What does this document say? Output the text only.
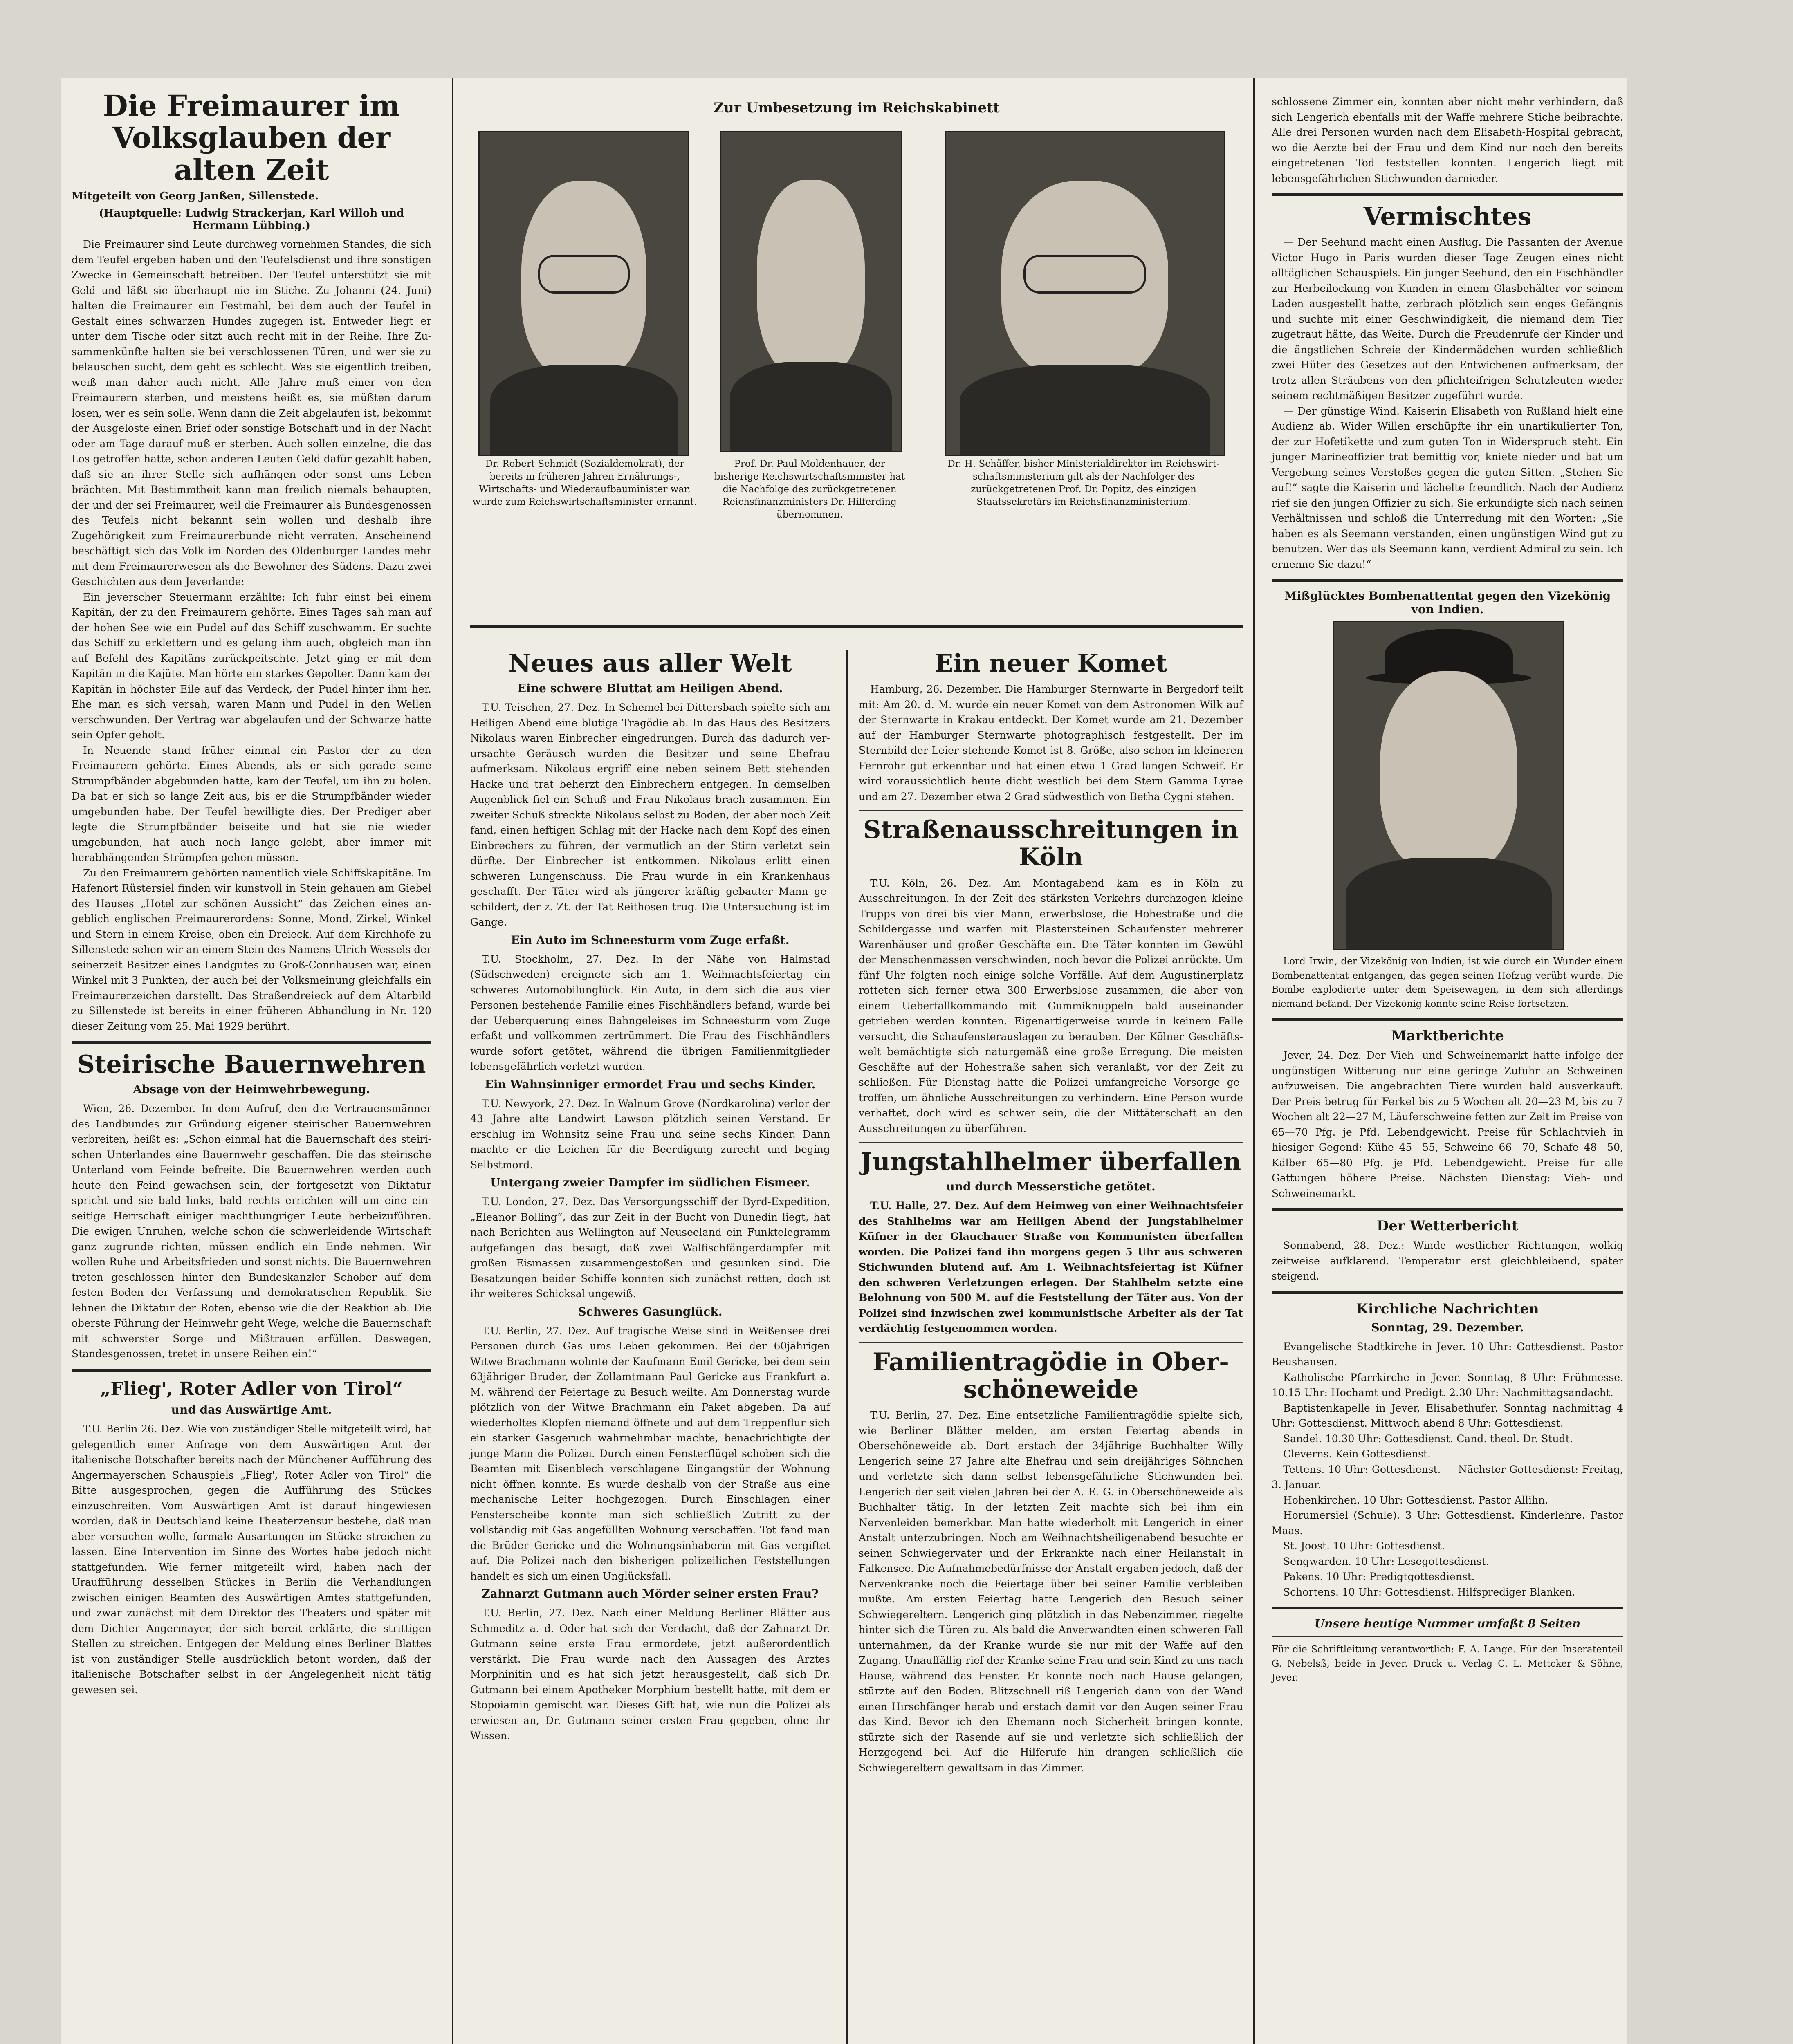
Die Freimaurer im Volksglauben der alten Zeit
Mitgeteilt von Georg Janßen, Sillenstede.
(Hauptquelle: Ludwig Strackerjan, Karl Willoh und Hermann Lübbing.)

Die Freimaurer sind Leute durchweg vornehmen Standes, die sich dem Teufel ergeben haben und den Teufelsdienst und ihre sonstigen Zwecke in Gemeinschaft betreiben. Der Teufel unterstützt sie mit Geld und läßt sie überhaupt nie im Stiche. Zu Johanni (24. Juni) halten die Freimaurer ein Festmahl, bei dem auch der Teufel in Gestalt eines schwarzen Hundes zugegen ist. Entweder liegt er unter dem Tische oder sitzt auch recht mit in der Reihe. Ihre Zusammenkünfte halten sie bei verschlossenen Türen, und wer sie zu belauschen sucht, dem geht es schlecht. Was sie eigentlich treiben, weiß man daher auch nicht. Alle Jahre muß einer von den Freimaurern sterben, und meistens heißt es, sie müßten darum losen, wer es sein solle. Wenn dann die Zeit abgelaufen ist, bekommt der Ausgeloste einen Brief oder sonstige Botschaft und in der Nacht oder am Tage darauf muß er sterben. Auch sollen einzelne, die das Los getroffen hatte, schon anderen Leuten Geld dafür gezahlt haben, daß sie an ihrer Stelle sich aufhängen oder sonst ums Leben brächten. Mit Bestimmtheit kann man freilich niemals behaupten, der und der sei Freimaurer, weil die Freimaurer als Bundesgenossen des Teufels nicht bekannt sein wollen und deshalb ihre Zugehörigkeit zum Freimaurerbunde nicht verraten. Anscheinend beschäftigt sich das Volk im Norden des Oldenburger Landes mehr mit dem Freimaurerwesen als die Bewohner des Südens. Dazu zwei Geschichten aus dem Jeverlande:

Ein jeverscher Steuermann erzählte: Ich fuhr einst bei einem Kapitän, der zu den Freimaurern gehörte. Eines Tages sah man auf der hohen See wie ein Pudel auf das Schiff zuschwamm. Er suchte das Schiff zu erklettern und es gelang ihm auch, obgleich man ihn auf Befehl des Kapitäns zurückpeitschte. Jetzt ging er mit dem Kapitän in die Kajüte. Man hörte ein starkes Gepolter. Dann kam der Kapitän in höchster Eile auf das Verdeck, der Pudel hinter ihm her. Ehe man es sich versah, waren Mann und Pudel in den Wellen verschwunden. Der Vertrag war abgelaufen und der Schwarze hatte sein Opfer geholt.

In Neuende stand früher einmal ein Pastor der zu den Freimaurern gehörte. Eines Abends, als er sich gerade seine Strumpfbänder abgebunden hatte, kam der Teufel, um ihn zu holen. Da bat er sich so lange Zeit aus, bis er die Strumpfbänder wieder umgebunden habe. Der Teufel bewilligte dies. Der Prediger aber legte die Strumpfbänder beiseite und hat sie nie wieder umgebunden, hat auch noch lange gelebt, aber immer mit herabhängenden Strümpfen gehen müssen.

Zu den Freimaurern gehörten namentlich viele Schiffskapitäne. Im Hafenort Rüstersiel finden wir kunstvoll in Stein gehauen am Giebel des Hauses „Hotel zur schönen Aussicht“ das Zeichen eines angeblich englischen Freimaurerordens: Sonne, Mond, Zirkel, Winkel und Stern in einem Kreise, oben ein Dreieck. Auf dem Kirchhofe zu Sillenstede sehen wir an einem Stein des Namens Ulrich Wessels der seinerzeit Besitzer eines Landgutes zu Groß-Connhausen war, einen Winkel mit 3 Punkten, der auch bei der Volksmeinung gleichfalls ein Freimaurerzeichen darstellt. Das Straßendreieck auf dem Altarbild zu Sillenstede ist bereits in einer früheren Abhandlung in Nr. 120 dieser Zeitung vom 25. Mai 1929 berührt.

Steirische Bauernwehren
Absage von der Heimwehrbewegung.

Wien, 26. Dezember. In dem Aufruf, den die Vertrauensmänner des Landbundes zur Gründung eigener steirischer Bauernwehren verbreiten, heißt es: „Schon einmal hat die Bauernschaft des steirischen Unterlandes eine Bauernwehr geschaffen. Die das steirische Unterland vom Feinde befreite. Die Bauernwehren werden auch heute den Feind gewachsen sein, der fortgesetzt von Diktatur spricht und sie bald links, bald rechts errichten will um eine einseitige Herrschaft einiger machthungriger Leute herbeizuführen. Die ewigen Unruhen, welche schon die schwerleidende Wirtschaft ganz zugrunde richten, müssen endlich ein Ende nehmen. Wir wollen Ruhe und Arbeitsfrieden und sonst nichts. Die Bauernwehren treten geschlossen hinter den Bundeskanzler Schober auf dem festen Boden der Verfassung und demokratischen Republik. Sie lehnen die Diktatur der Roten, ebenso wie die der Reaktion ab. Die oberste Führung der Heimwehr geht Wege, welche die Bauernschaft mit schwerster Sorge und Mißtrauen erfüllen. Deswegen, Standesgenossen, tretet in unsere Reihen ein!“

„Flieg', Roter Adler von Tirol“
und das Auswärtige Amt.

T.U. Berlin 26. Dez. Wie von zuständiger Stelle mitgeteilt wird, hat gelegentlich einer Anfrage von dem Auswärtigen Amt der italienische Botschafter bereits nach der Münchener Aufführung des Angermayerschen Schauspiels „Flieg', Roter Adler von Tirol“ die Bitte ausgesprochen, gegen die Aufführung des Stückes einzuschreiten. Vom Auswärtigen Amt ist darauf hingewiesen worden, daß in Deutschland keine Theaterzensur bestehe, daß man aber versuchen wolle, formale Ausartungen im Stücke streichen zu lassen. Eine Intervention im Sinne des Wortes habe jedoch nicht stattgefunden. Wie ferner mitgeteilt wird, haben nach der Uraufführung desselben Stückes in Berlin die Verhandlungen zwischen einigen Beamten des Auswärtigen Amtes stattgefunden, und zwar zunächst mit dem Direktor des Theaters und später mit dem Dichter Angermayer, der sich bereit erklärte, die strittigen Stellen zu streichen. Entgegen der Meldung eines Berliner Blattes ist von zuständiger Stelle ausdrücklich betont worden, daß der italienische Botschafter selbst in der Angelegenheit nicht tätig gewesen sei.

Zur Umbesetzung im Reichskabinett
Dr. Robert Schmidt (Sozialdemokrat), der bereits in früheren Jahren Ernährungs-, Wirtschafts- und Wiederaufbauminister war, wurde zum Reichswirtschaftsminister ernannt.
Prof. Dr. Paul Moldenhauer, der bisherige Reichswirtschaftsminister hat die Nachfolge des zurückgetretenen Reichsfinanzministers Dr. Hilferding übernommen.
Dr. H. Schäffer, bisher Ministerialdirektor im Reichswirtschaftsministerium gilt als der Nachfolger des zurückgetretenen Prof. Dr. Popitz, des einzigen Staatssekretärs im Reichsfinanzministerium.
Neues aus aller Welt
Eine schwere Bluttat am Heiligen Abend.

T.U. Teischen, 27. Dez. In Schemel bei Dittersbach spielte sich am Heiligen Abend eine blutige Tragödie ab. In das Haus des Besitzers Nikolaus waren Einbrecher eingedrungen. Durch das dadurch verursachte Geräusch wurden die Besitzer und seine Ehefrau aufmerksam. Nikolaus ergriff eine neben seinem Bett stehenden Hacke und trat beherzt den Einbrechern entgegen. In demselben Augenblick fiel ein Schuß und Frau Nikolaus brach zusammen. Ein zweiter Schuß streckte Nikolaus selbst zu Boden, der aber noch Zeit fand, einen heftigen Schlag mit der Hacke nach dem Kopf des einen Einbrechers zu führen, der vermutlich an der Stirn verletzt sein dürfte. Der Einbrecher ist entkommen. Nikolaus erlitt einen schweren Lungenschuss. Die Frau wurde in ein Krankenhaus geschafft. Der Täter wird als jüngerer kräftig gebauter Mann geschildert, der z. Zt. der Tat Reithosen trug. Die Untersuchung ist im Gange.

Ein Auto im Schneesturm vom Zuge erfaßt.

T.U. Stockholm, 27. Dez. In der Nähe von Halmstad (Südschweden) ereignete sich am 1. Weihnachtsfeiertag ein schweres Automobilunglück. Ein Auto, in dem sich die aus vier Personen bestehende Familie eines Fischhändlers befand, wurde bei der Ueberquerung eines Bahngeleises im Schneesturm vom Zuge erfaßt und vollkommen zertrümmert. Die Frau des Fischhändlers wurde sofort getötet, während die übrigen Familienmitglieder lebensgefährlich verletzt wurden.

Ein Wahnsinniger ermordet Frau und sechs Kinder.

T.U. Newyork, 27. Dez. In Walnum Grove (Nordkarolina) verlor der 43 Jahre alte Landwirt Lawson plötzlich seinen Verstand. Er erschlug im Wohnsitz seine Frau und seine sechs Kinder. Dann machte er die Leichen für die Beerdigung zurecht und beging Selbstmord.

Untergang zweier Dampfer im südlichen Eismeer.

T.U. London, 27. Dez. Das Versorgungsschiff der Byrd-Expedition, „Eleanor Bolling“, das zur Zeit in der Bucht von Dunedin liegt, hat nach Berichten aus Wellington auf Neuseeland ein Funktelegramm aufgefangen das besagt, daß zwei Walfischfängerdampfer mit großen Eismassen zusammengestoßen und gesunken sind. Die Besatzungen beider Schiffe konnten sich zunächst retten, doch ist ihr weiteres Schicksal ungewiß.

Schweres Gasunglück.

T.U. Berlin, 27. Dez. Auf tragische Weise sind in Weißensee drei Personen durch Gas ums Leben gekommen. Bei der 60jährigen Witwe Brachmann wohnte der Kaufmann Emil Gericke, bei dem sein 63jähriger Bruder, der Zollamtmann Paul Gericke aus Frankfurt a. M. während der Feiertage zu Besuch weilte. Am Donnerstag wurde plötzlich von der Witwe Brachmann ein Paket abgeben. Da auf wiederholtes Klopfen niemand öffnete und auf dem Treppenflur sich ein starker Gasgeruch wahrnehmbar machte, benachrichtigte der junge Mann die Polizei. Durch einen Fensterflügel schoben sich die Beamten mit Eisenblech verschlagene Eingangstür der Wohnung nicht öffnen konnte. Es wurde deshalb von der Straße aus eine mechanische Leiter hochgezogen. Durch Einschlagen einer Fensterscheibe konnte man sich schließlich Zutritt zu der vollständig mit Gas angefüllten Wohnung verschaffen. Tot fand man die Brüder Gericke und die Wohnungsinhaberin mit Gas vergiftet auf. Die Polizei nach den bisherigen polizeilichen Feststellungen handelt es sich um einen Unglücksfall.

Zahnarzt Gutmann auch Mörder seiner ersten Frau?

T.U. Berlin, 27. Dez. Nach einer Meldung Berliner Blätter aus Schmeditz a. d. Oder hat sich der Verdacht, daß der Zahnarzt Dr. Gutmann seine erste Frau ermordete, jetzt außerordentlich verstärkt. Die Frau wurde nach den Aussagen des Arztes Morphinitin und es hat sich jetzt herausgestellt, daß sich Dr. Gutmann bei einem Apotheker Morphium bestellt hatte, mit dem er Stopoiamin gemischt war. Dieses Gift hat, wie nun die Polizei als erwiesen an, Dr. Gutmann seiner ersten Frau gegeben, ohne ihr Wissen.

Ein neuer Komet

Hamburg, 26. Dezember. Die Hamburger Sternwarte in Bergedorf teilt mit: Am 20. d. M. wurde ein neuer Komet von dem Astronomen Wilk auf der Sternwarte in Krakau entdeckt. Der Komet wurde am 21. Dezember auf der Hamburger Sternwarte photographisch festgestellt. Der im Sternbild der Leier stehende Komet ist 8. Größe, also schon im kleineren Fernrohr gut erkennbar und hat einen etwa 1 Grad langen Schweif. Er wird voraussichtlich heute dicht westlich bei dem Stern Gamma Lyrae und am 27. Dezember etwa 2 Grad südwestlich von Betha Cygni stehen.

Straßenausschreitungen in Köln

T.U. Köln, 26. Dez. Am Montagabend kam es in Köln zu Ausschreitungen. In der Zeit des stärksten Verkehrs durchzogen kleine Trupps von drei bis vier Mann, erwerbslose, die Hohestraße und die Schildergasse und warfen mit Plastersteinen Schaufenster mehrerer Warenhäuser und großer Geschäfte ein. Die Täter konnten im Gewühl der Menschenmassen verschwinden, noch bevor die Polizei anrückte. Um fünf Uhr folgten noch einige solche Vorfälle. Auf dem Augustinerplatz rotteten sich ferner etwa 300 Erwerbslose zusammen, die aber von einem Ueberfallkommando mit Gummiknüppeln bald auseinander getrieben werden konnten. Eigenartigerweise wurde in keinem Falle versucht, die Schaufensterauslagen zu berauben. Der Kölner Geschäftswelt bemächtigte sich naturgemäß eine große Erregung. Die meisten Geschäfte auf der Hohestraße sahen sich veranlaßt, vor der Zeit zu schließen. Für Dienstag hatte die Polizei umfangreiche Vorsorge getroffen, um ähnliche Ausschreitungen zu verhindern. Eine Person wurde verhaftet, doch wird es schwer sein, die der Mittäterschaft an den Ausschreitungen zu überführen.

Jungstahlhelmer überfallen
und durch Messerstiche getötet.

T.U. Halle, 27. Dez. Auf dem Heimweg von einer Weihnachtsfeier des Stahlhelms war am Heiligen Abend der Jungstahlhelmer Küfner in der Glauchauer Straße von Kommunisten überfallen worden. Die Polizei fand ihn morgens gegen 5 Uhr aus schweren Stichwunden blutend auf. Am 1. Weihnachtsfeiertag ist Küfner den schweren Verletzungen erlegen. Der Stahlhelm setzte eine Belohnung von 500 M. auf die Feststellung der Täter aus. Von der Polizei sind inzwischen zwei kommunistische Arbeiter als der Tat verdächtig festgenommen worden.

Familientragödie in Oberschöneweide

T.U. Berlin, 27. Dez. Eine entsetzliche Familientragödie spielte sich, wie Berliner Blätter melden, am ersten Feiertag abends in Oberschöneweide ab. Dort erstach der 34jährige Buchhalter Willy Lengerich seine 27 Jahre alte Ehefrau und sein dreijähriges Söhnchen und verletzte sich dann selbst lebensgefährliche Stichwunden bei. Lengerich der seit vielen Jahren bei der A. E. G. in Oberschöneweide als Buchhalter tätig. In der letzten Zeit machte sich bei ihm ein Nervenleiden bemerkbar. Man hatte wiederholt mit Lengerich in einer Anstalt unterzubringen. Noch am Weihnachtsheiligenabend besuchte er seinen Schwiegervater und der Erkrankte nach einer Heilanstalt in Falkensee. Die Aufnahmebedürfnisse der Anstalt ergaben jedoch, daß der Nervenkranke noch die Feiertage über bei seiner Familie verbleiben mußte. Am ersten Feiertag hatte Lengerich den Besuch seiner Schwiegereltern. Lengerich ging plötzlich in das Nebenzimmer, riegelte hinter sich die Türen zu. Als bald die Anverwandten einen schweren Fall unternahmen, da der Kranke wurde sie nur mit der Waffe auf den Zugang. Unauffällig rief der Kranke seine Frau und sein Kind zu uns nach Hause, während das Fenster. Er konnte noch nach Hause gelangen, stürzte auf den Boden. Blitzschnell riß Lengerich dann von der Wand einen Hirschfänger herab und erstach damit vor den Augen seiner Frau das Kind. Bevor ich den Ehemann noch Sicherheit bringen konnte, stürzte sich der Rasende auf sie und verletzte sich schließlich der Herzgegend bei. Auf die Hilferufe hin drangen schließlich die Schwiegereltern gewaltsam in das Zimmer.

schlossene Zimmer ein, konnten aber nicht mehr verhindern, daß sich Lengerich ebenfalls mit der Waffe mehrere Stiche beibrachte. Alle drei Personen wurden nach dem Elisabeth-Hospital gebracht, wo die Aerzte bei der Frau und dem Kind nur noch den bereits eingetretenen Tod feststellen konnten. Lengerich liegt mit lebensgefährlichen Stichwunden darnieder.

Vermischtes

— Der Seehund macht einen Ausflug. Die Passanten der Avenue Victor Hugo in Paris wurden dieser Tage Zeugen eines nicht alltäglichen Schauspiels. Ein junger Seehund, den ein Fischhändler zur Herbeilockung von Kunden in einem Glasbehälter vor seinem Laden ausgestellt hatte, zerbrach plötzlich sein enges Gefängnis und suchte mit einer Geschwindigkeit, die niemand dem Tier zugetraut hätte, das Weite. Durch die Freudenrufe der Kinder und die ängstlichen Schreie der Kindermädchen wurden schließlich zwei Hüter des Gesetzes auf den Entwichenen aufmerksam, der trotz allen Sträubens von den pflichteifrigen Schutzleuten wieder seinem rechtmäßigen Besitzer zugeführt wurde.

— Der günstige Wind. Kaiserin Elisabeth von Rußland hielt eine Audienz ab. Wider Willen erschüpfte ihr ein unartikulierter Ton, der zur Hofetikette und zum guten Ton in Widerspruch steht. Ein junger Marineoffizier trat bemittig vor, kniete nieder und bat um Vergebung seines Verstoßes gegen die guten Sitten. „Stehen Sie auf!“ sagte die Kaiserin und lächelte freundlich. Nach der Audienz rief sie den jungen Offizier zu sich. Sie erkundigte sich nach seinen Verhältnissen und schloß die Unterredung mit den Worten: „Sie haben es als Seemann verstanden, einen ungünstigen Wind gut zu benutzen. Wer das als Seemann kann, verdient Admiral zu sein. Ich ernenne Sie dazu!“

Mißglücktes Bombenattentat gegen den Vizekönig von Indien.

Lord Irwin, der Vizekönig von Indien, ist wie durch ein Wunder einem Bombenattentat entgangen, das gegen seinen Hofzug verübt wurde. Die Bombe explodierte unter dem Speisewagen, in dem sich allerdings niemand befand. Der Vizekönig konnte seine Reise fortsetzen.

Marktberichte

Jever, 24. Dez. Der Vieh- und Schweinemarkt hatte infolge der ungünstigen Witterung nur eine geringe Zufuhr an Schweinen aufzuweisen. Die angebrachten Tiere wurden bald ausverkauft. Der Preis betrug für Ferkel bis zu 5 Wochen alt 20—23 M, bis zu 7 Wochen alt 22—27 M, Läuferschweine fetten zur Zeit im Preise von 65—70 Pfg. je Pfd. Lebendgewicht. Preise für Schlachtvieh in hiesiger Gegend: Kühe 45—55, Schweine 66—70, Schafe 48—50, Kälber 65—80 Pfg. je Pfd. Lebendgewicht. Preise für alle Gattungen höhere Preise. Nächsten Dienstag: Vieh- und Schweinemarkt.

Der Wetterbericht

Sonnabend, 28. Dez.: Winde westlicher Richtungen, wolkig zeitweise aufklarend. Temperatur erst gleichbleibend, später steigend.

Kirchliche Nachrichten
Sonntag, 29. Dezember.

Evangelische Stadtkirche in Jever. 10 Uhr: Gottesdienst. Pastor Beushausen.

Katholische Pfarrkirche in Jever. Sonntag, 8 Uhr: Frühmesse. 10.15 Uhr: Hochamt und Predigt. 2.30 Uhr: Nachmittagsandacht.

Baptistenkapelle in Jever, Elisabethufer. Sonntag nachmittag 4 Uhr: Gottesdienst. Mittwoch abend 8 Uhr: Gottesdienst.

Sandel. 10.30 Uhr: Gottesdienst. Cand. theol. Dr. Studt.

Cleverns. Kein Gottesdienst.

Tettens. 10 Uhr: Gottesdienst. — Nächster Gottesdienst: Freitag, 3. Januar.

Hohenkirchen. 10 Uhr: Gottesdienst. Pastor Allihn.

Horumersiel (Schule). 3 Uhr: Gottesdienst. Kinderlehre. Pastor Maas.

St. Joost. 10 Uhr: Gottesdienst.

Sengwarden. 10 Uhr: Lesegottesdienst.

Pakens. 10 Uhr: Predigtgottesdienst.

Schortens. 10 Uhr: Gottesdienst. Hilfsprediger Blanken.

Unsere heutige Nummer umfaßt 8 Seiten

Für die Schriftleitung verantwortlich: F. A. Lange. Für den Inseratenteil G. Nebelsß, beide in Jever. Druck u. Verlag C. L. Mettcker & Söhne, Jever.
